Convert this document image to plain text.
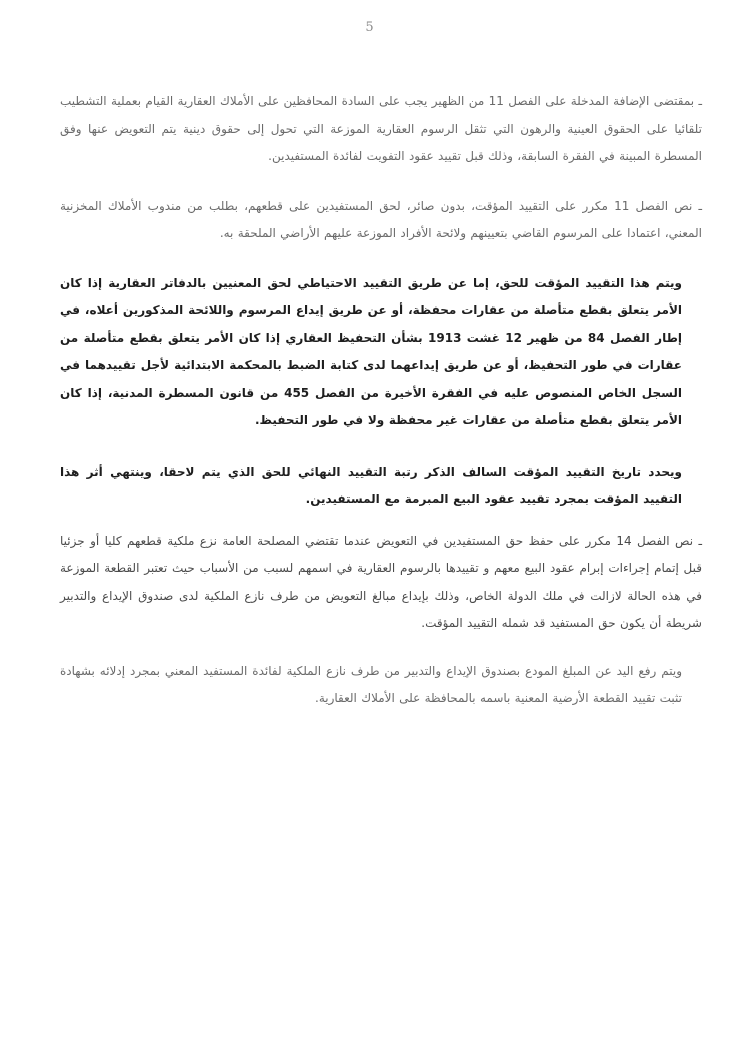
5

ـ بمقتضى الإضافة المدخلة على الفصل 11 من الظهير يجب على السادة المحافظين على الأملاك العقارية القيام بعملية التشطيب تلقائيا على الحقوق العينية والرهون التي تثقل الرسوم العقارية الموزعة التي تحول إلى حقوق دينية يتم التعويض عنها وفق المسطرة المبينة في الفقرة السابقة، وذلك قبل تقييد عقود التفويت لفائدة المستفيدين.

ـ نص الفصل 11 مكرر على التقييد المؤقت، بدون صائر، لحق المستفيدين على قطعهم، بطلب من مندوب الأملاك المخزنية المعني، اعتمادا على المرسوم القاضي بتعيينهم ولائحة الأفراد الموزعة عليهم الأراضي الملحقة به.

ويتم هذا التقييد المؤقت للحق، إما عن طريق التقييد الاحتياطي لحق المعنيين بالدفاتر العقارية إذا كان الأمر يتعلق بقطع متأصلة من عقارات محفظة، أو عن طريق إيداع المرسوم واللائحة المذكورين أعلاه، في إطار الفصل 84 من ظهير 12 غشت 1913 بشأن التحفيظ العقاري إذا كان الأمر يتعلق بقطع متأصلة من عقارات في طور التحفيظ، أو عن طريق إيداعهما لدى كتابة الضبط بالمحكمة الابتدائية لأجل تقييدهما في السجل الخاص المنصوص عليه في الفقرة الأخيرة من الفصل 455 من قانون المسطرة المدنية، إذا كان الأمر يتعلق بقطع متأصلة من عقارات غير محفظة ولا في طور التحفيظ.

ويحدد تاريخ التقييد المؤقت السالف الذكر رتبة التقييد النهائي للحق الذي يتم لاحقا، وينتهي أثر هذا التقييد المؤقت بمجرد تقييد عقود البيع المبرمة مع المستفيدين.

ـ نص الفصل 14 مكرر على حفظ حق المستفيدين في التعويض عندما تقتضي المصلحة العامة نزع ملكية قطعهم كليا أو جزئيا قبل إتمام إجراءات إبرام عقود البيع معهم و تقييدها بالرسوم العقارية في اسمهم لسبب من الأسباب حيث تعتبر القطعة الموزعة في هذه الحالة لازالت في ملك الدولة الخاص، وذلك بإيداع مبالغ التعويض من طرف نازع الملكية لدى صندوق الإيداع والتدبير شريطة أن يكون حق المستفيد قد شمله التقييد المؤقت.

ويتم رفع اليد عن المبلغ المودع بصندوق الإيداع والتدبير من طرف نازع الملكية لفائدة المستفيد المعني بمجرد إدلائه بشهادة تثبت تقييد القطعة الأرضية المعنية باسمه بالمحافظة على الأملاك العقارية.
